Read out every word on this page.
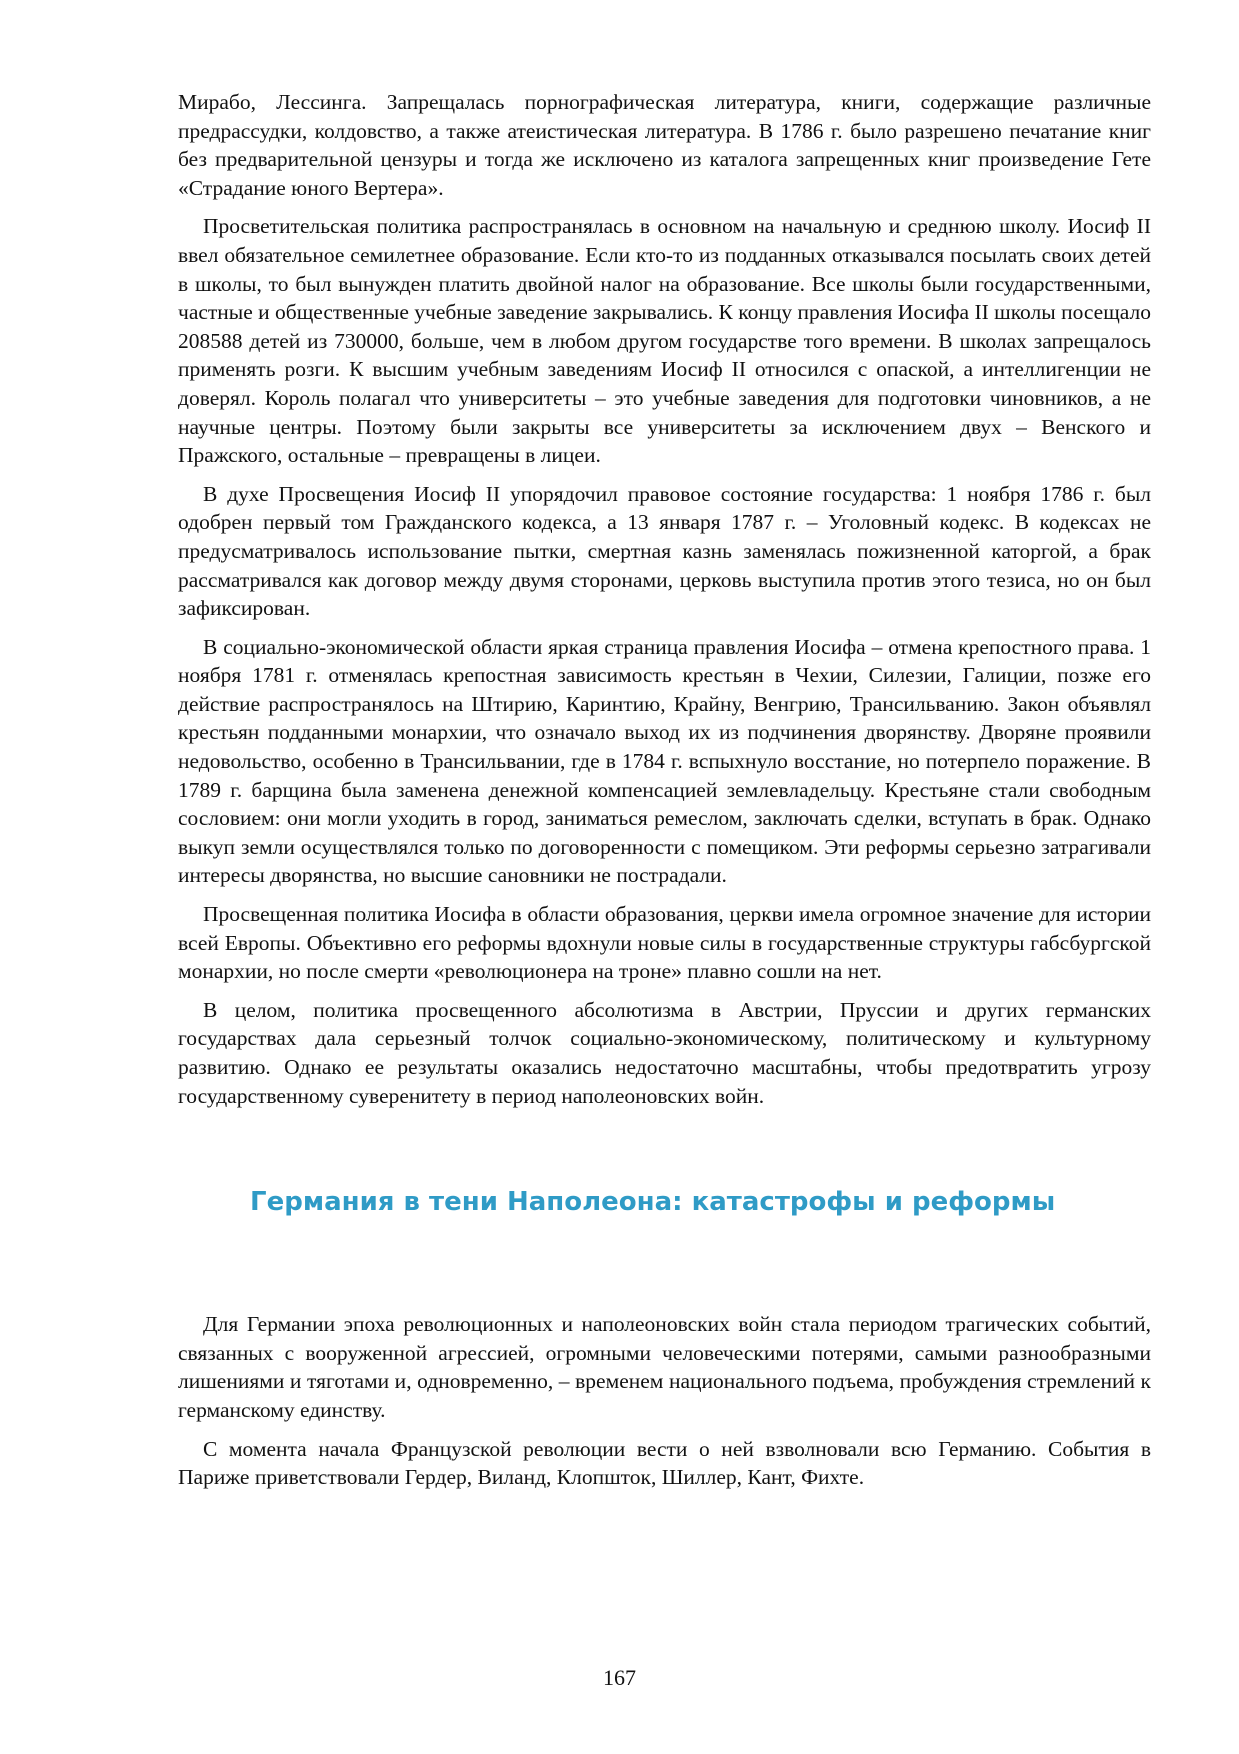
Мирабо, Лессинга. Запрещалась порнографическая литература, книги, содержащие различные предрассудки, колдовство, а также атеистическая литература. В 1786 г. было разрешено печатание книг без предварительной цензуры и тогда же исключено из каталога запрещенных книг произведение Гете «Страдание юного Вертера».

Просветительская политика распространялась в основном на начальную и среднюю школу. Иосиф II ввел обязательное семилетнее образование. Если кто-то из подданных отказывался посылать своих детей в школы, то был вынужден платить двойной налог на образование. Все школы были государственными, частные и общественные учебные заведение закрывались. К концу правления Иосифа II школы посещало 208588 детей из 730000, больше, чем в любом другом государстве того времени. В школах запрещалось применять розги. К высшим учебным заведениям Иосиф II относился с опаской, а интеллигенции не доверял. Король полагал что университеты – это учебные заведения для подготовки чиновников, а не научные центры. Поэтому были закрыты все университеты за исключением двух – Венского и Пражского, остальные – превращены в лицеи.

В духе Просвещения Иосиф II упорядочил правовое состояние государства: 1 ноября 1786 г. был одобрен первый том Гражданского кодекса, а 13 января 1787 г. – Уголовный кодекс. В кодексах не предусматривалось использование пытки, смертная казнь заменялась пожизненной каторгой, а брак рассматривался как договор между двумя сторонами, церковь выступила против этого тезиса, но он был зафиксирован.

В социально-экономической области яркая страница правления Иосифа – отмена крепостного права. 1 ноября 1781 г. отменялась крепостная зависимость крестьян в Чехии, Силезии, Галиции, позже его действие распространялось на Штирию, Каринтию, Крайну, Венгрию, Трансильванию. Закон объявлял крестьян подданными монархии, что означало выход их из подчинения дворянству. Дворяне проявили недовольство, особенно в Трансильвании, где в 1784 г. вспыхнуло восстание, но потерпело поражение. В 1789 г. барщина была заменена денежной компенсацией землевладельцу. Крестьяне стали свободным сословием: они могли уходить в город, заниматься ремеслом, заключать сделки, вступать в брак. Однако выкуп земли осуществлялся только по договоренности с помещиком. Эти реформы серьезно затрагивали интересы дворянства, но высшие сановники не пострадали.

Просвещенная политика Иосифа в области образования, церкви имела огромное значение для истории всей Европы. Объективно его реформы вдохнули новые силы в государственные структуры габсбургской монархии, но после смерти «революционера на троне» плавно сошли на нет.

В целом, политика просвещенного абсолютизма в Австрии, Пруссии и других германских государствах дала серьезный толчок социально-экономическому, политическому и культурному развитию. Однако ее результаты оказались недостаточно масштабны, чтобы предотвратить угрозу государственному суверенитету в период наполеоновских войн.

Германия в тени Наполеона: катастрофы и реформы

Для Германии эпоха революционных и наполеоновских войн стала периодом трагических событий, связанных с вооруженной агрессией, огромными человеческими потерями, самыми разнообразными лишениями и тяготами и, одновременно, – временем национального подъема, пробуждения стремлений к германскому единству.

С момента начала Французской революции вести о ней взволновали всю Германию. События в Париже приветствовали Гердер, Виланд, Клопшток, Шиллер, Кант, Фихте.

167
